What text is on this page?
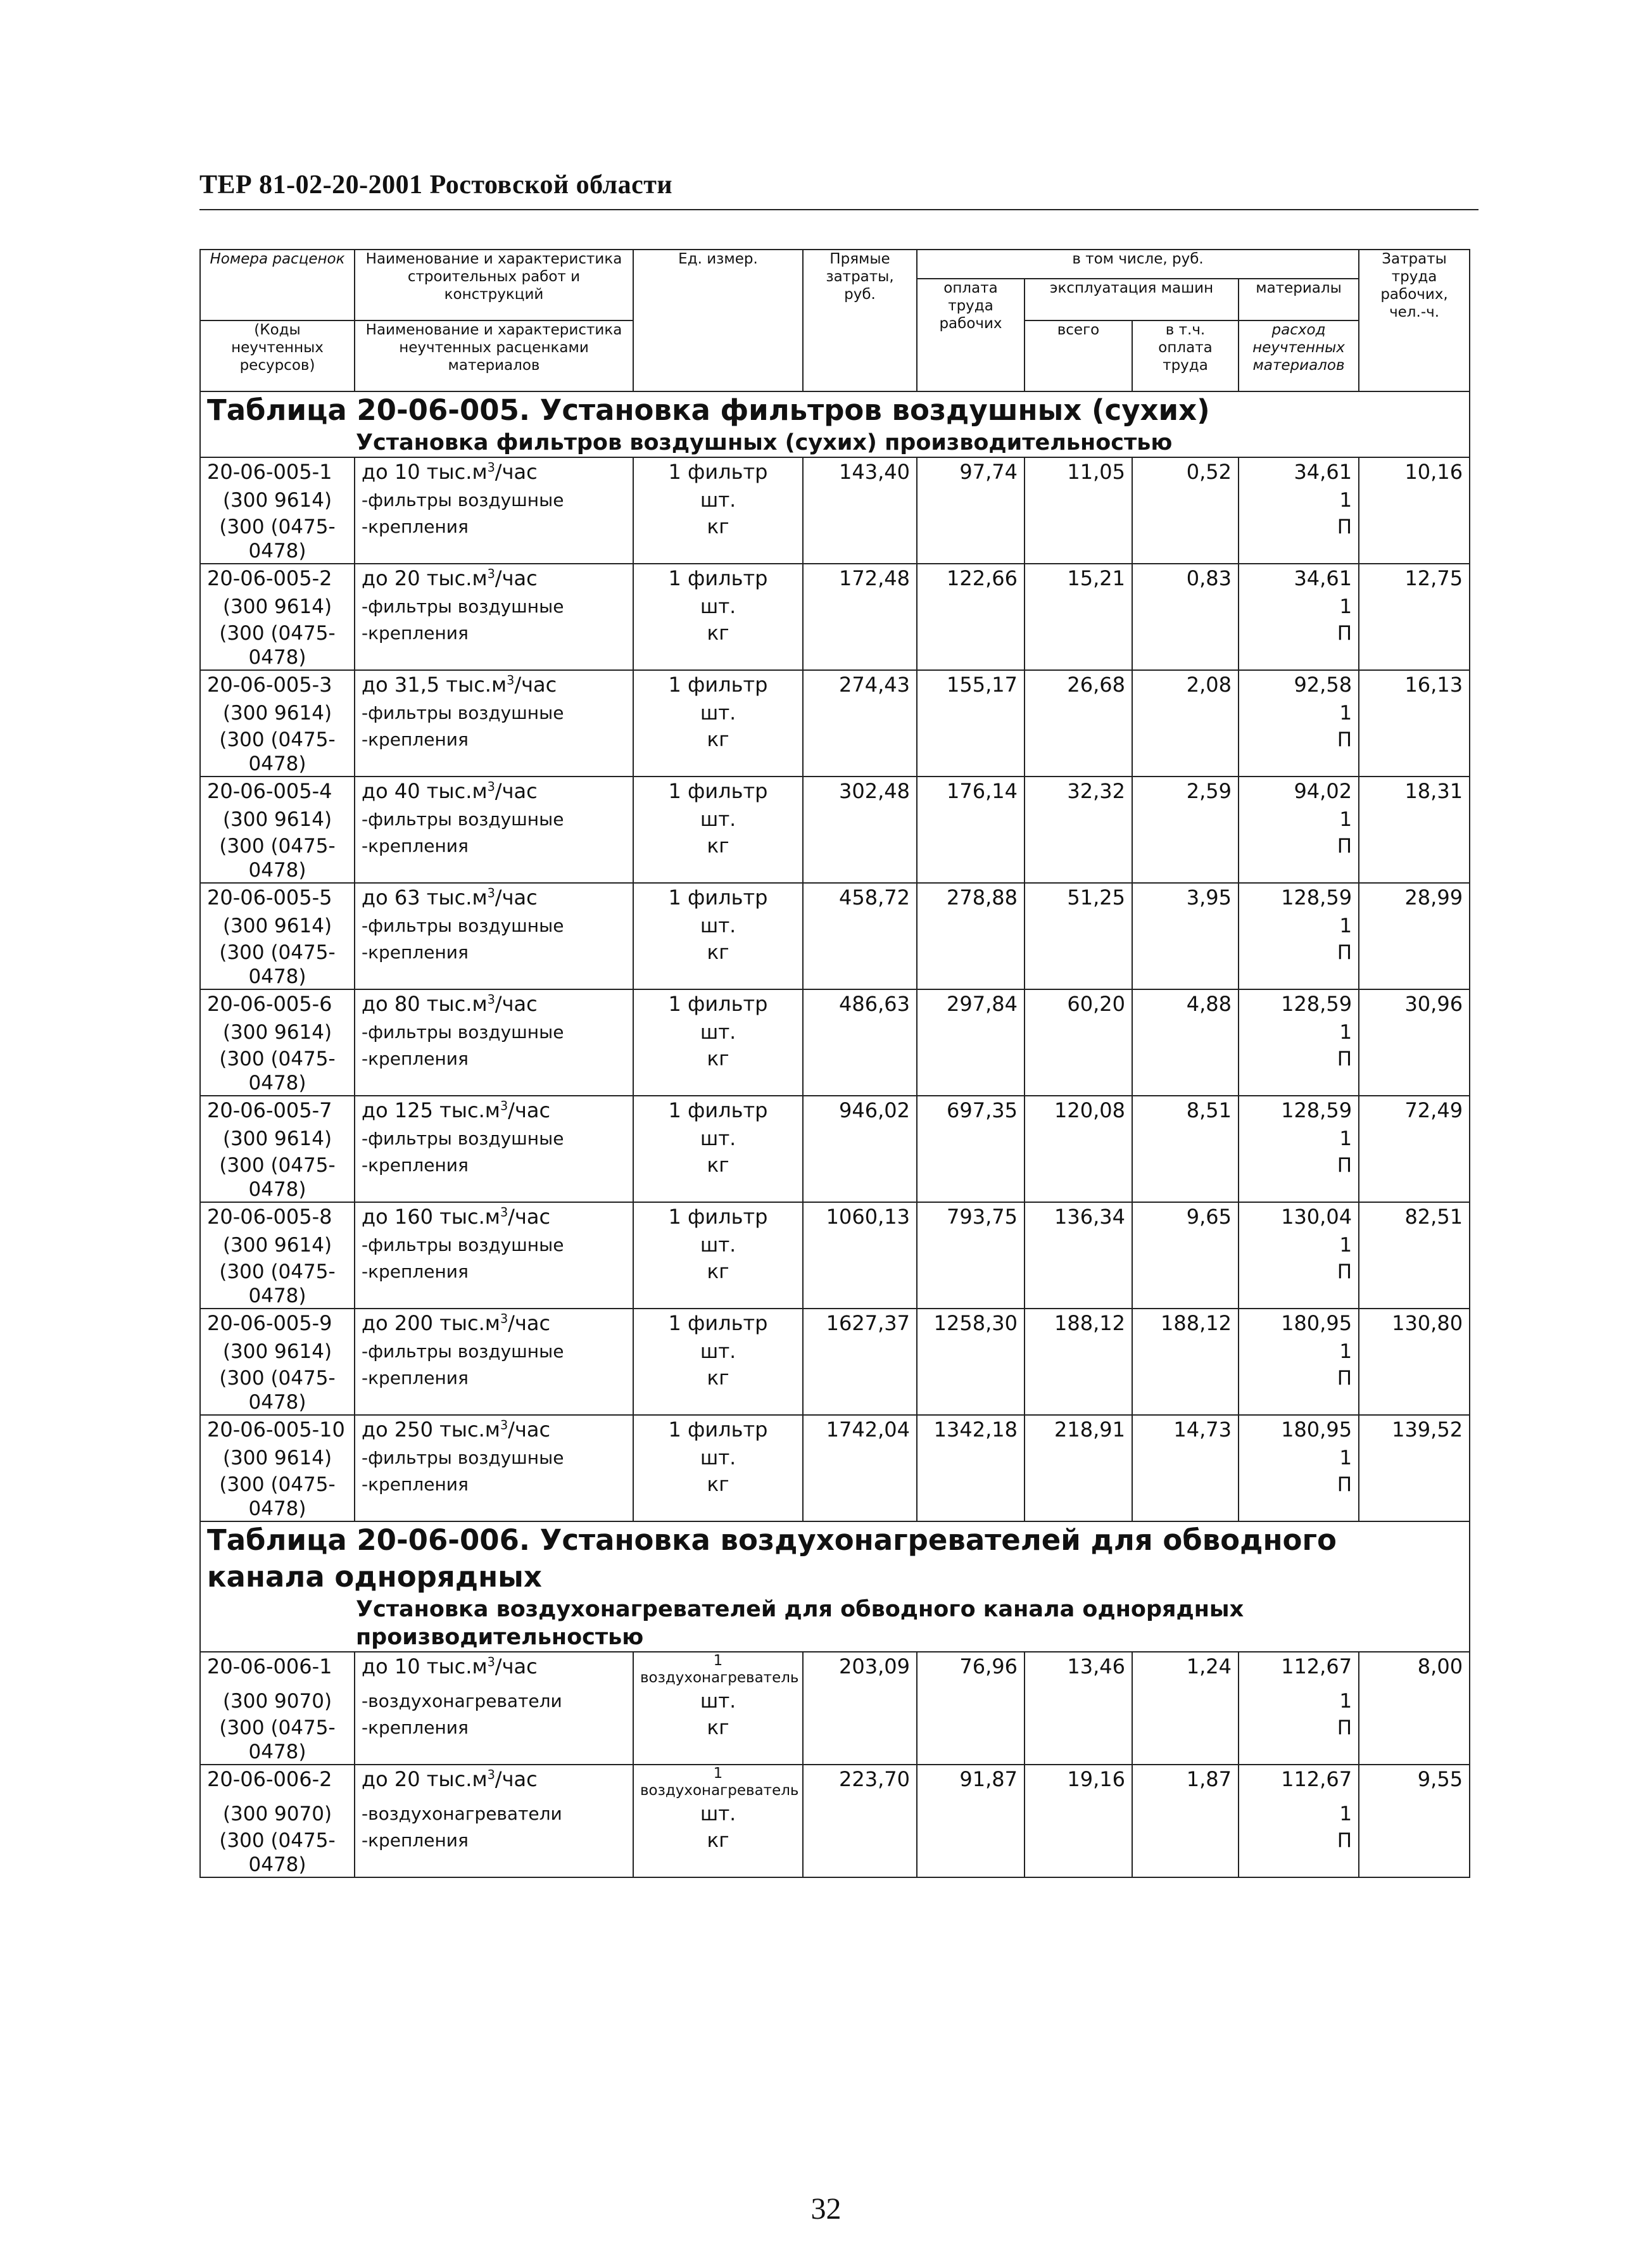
ТЕР 81-02-20-2001 Ростовской области
Номера расценок	Наименование и характеристика строительных работ и конструкций	Ед. измер.	Прямые затраты, руб.	в том числе, руб.				Затраты труда рабочих, чел.-ч.
				оплата труда рабочих	эксплуатация машин		материалы	
(Коды неучтенных ресурсов)	Наименование и характеристика неучтенных расценками материалов				всего	в т.ч. оплата труда	расход неучтенных материалов	

Таблица 20-06-005. Установка фильтров воздушных (сухих)								
Установка фильтров воздушных (сухих) производительностью								
20-06-005-1	до 10 $тыс.м^3$/час	1 фильтр	143,40	97,74	11,05	0,52	34,61	10,16
(300 9614)	-фильтры воздушные	шт.					1	
(300 (0475-0478)	-крепления	кг					П	
20-06-005-2	до 20 $тыс.м^3$/час	1 фильтр	172,48	122,66	15,21	0,83	34,61	12,75
(300 9614)	-фильтры воздушные	шт.					1	
(300 (0475-0478)	-крепления	кг					П	
20-06-005-3	до 31,5 $тыс.м^3$/час	1 фильтр	274,43	155,17	26,68	2,08	92,58	16,13
(300 9614)	-фильтры воздушные	шт.					1	
(300 (0475-0478)	-крепления	кг					П	
20-06-005-4	до 40 $тыс.м^3$/час	1 фильтр	302,48	176,14	32,32	2,59	94,02	18,31
(300 9614)	-фильтры воздушные	шт.					1	
(300 (0475-0478)	-крепления	кг					П	
20-06-005-5	до 63 $тыс.м^3$/час	1 фильтр	458,72	278,88	51,25	3,95	128,59	28,99
(300 9614)	-фильтры воздушные	шт.					1	
(300 (0475-0478)	-крепления	кг					П	
20-06-005-6	до 80 $тыс.м^3$/час	1 фильтр	486,63	297,84	60,20	4,88	128,59	30,96
(300 9614)	-фильтры воздушные	шт.					1	
(300 (0475-0478)	-крепления	кг					П	
20-06-005-7	до 125 $тыс.м^3$/час	1 фильтр	946,02	697,35	120,08	8,51	128,59	72,49
(300 9614)	-фильтры воздушные	шт.					1	
(300 (0475-0478)	-крепления	кг					П	
20-06-005-8	до 160 $тыс.м^3$/час	1 фильтр	1060,13	793,75	136,34	9,65	130,04	82,51
(300 9614)	-фильтры воздушные	шт.					1	
(300 (0475-0478)	-крепления	кг					П	
20-06-005-9	до 200 $тыс.м^3$/час	1 фильтр	1627,37	1258,30	188,12	188,12	180,95	130,80
(300 9614)	-фильтры воздушные	шт.					1	
(300 (0475-0478)	-крепления	кг					П	
20-06-005-10	до 250 $тыс.м^3$/час	1 фильтр	1742,04	1342,18	218,91	14,73	180,95	139,52
(300 9614)	-фильтры воздушные	шт.					1	
(300 (0475-0478)	-крепления	кг					П	
Таблица 20-06-006. Установка воздухонагревателей для обводного канала однорядных								
Установка воздухонагревателей для обводного канала однорядных производительностью								
20-06-006-1	до 10 $тыс.м^3$/час	1 воздухонагреватель	203,09	76,96	13,46	1,24	112,67	8,00
(300 9070)	-воздухонагреватели	шт.					1	
(300 (0475-0478)	-крепления	кг					П	
20-06-006-2	до 20 $тыс.м^3$/час	1 воздухонагреватель	223,70	91,87	19,16	1,87	112,67	9,55
(300 9070)	-воздухонагреватели	шт.					1	
(300 (0475-0478)	-крепления	кг					П	
32
